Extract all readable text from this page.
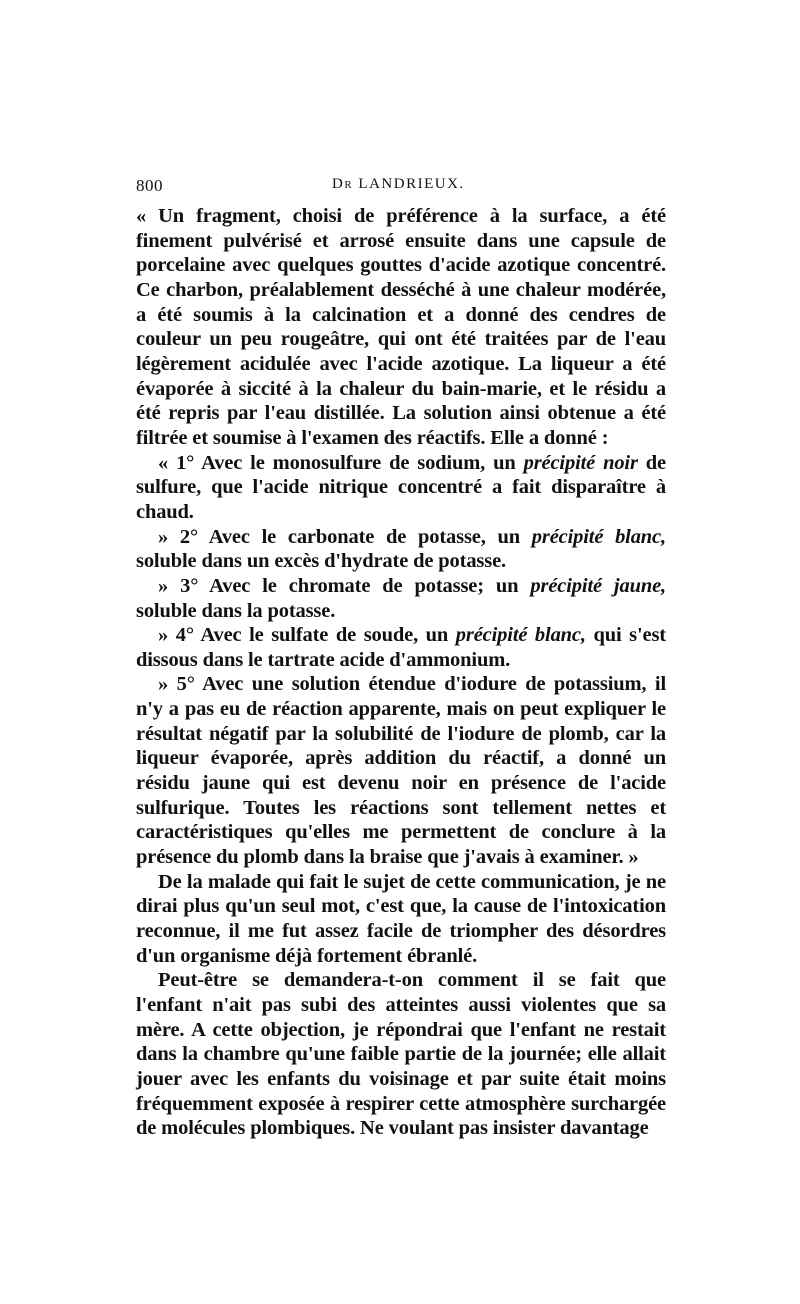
800	Dr LANDRIEUX.

« Un fragment, choisi de préférence à la surface, a été finement pulvérisé et arrosé ensuite dans une capsule de porcelaine avec quelques gouttes d'acide azotique concentré. Ce charbon, préalablement desséché à une chaleur modérée, a été soumis à la calcination et a donné des cendres de couleur un peu rougeâtre, qui ont été traitées par de l'eau légèrement acidulée avec l'acide azotique. La liqueur a été évaporée à siccité à la chaleur du bain-marie, et le résidu a été repris par l'eau distillée. La solution ainsi obtenue a été filtrée et soumise à l'examen des réactifs. Elle a donné :

« 1° Avec le monosulfure de sodium, un précipité noir de sulfure, que l'acide nitrique concentré a fait disparaître à chaud.

» 2° Avec le carbonate de potasse, un précipité blanc, soluble dans un excès d'hydrate de potasse.

» 3° Avec le chromate de potasse; un précipité jaune, soluble dans la potasse.

» 4° Avec le sulfate de soude, un précipité blanc, qui s'est dissous dans le tartrate acide d'ammonium.

» 5° Avec une solution étendue d'iodure de potassium, il n'y a pas eu de réaction apparente, mais on peut expliquer le résultat négatif par la solubilité de l'iodure de plomb, car la liqueur évaporée, après addition du réactif, a donné un résidu jaune qui est devenu noir en présence de l'acide sulfurique. Toutes les réactions sont tellement nettes et caractéristiques qu'elles me permettent de conclure à la présence du plomb dans la braise que j'avais à examiner. »

De la malade qui fait le sujet de cette communication, je ne dirai plus qu'un seul mot, c'est que, la cause de l'intoxication reconnue, il me fut assez facile de triompher des désordres d'un organisme déjà fortement ébranlé.

Peut-être se demandera-t-on comment il se fait que l'enfant n'ait pas subi des atteintes aussi violentes que sa mère. A cette objection, je répondrai que l'enfant ne restait dans la chambre qu'une faible partie de la journée; elle allait jouer avec les enfants du voisinage et par suite était moins fréquemment exposée à respirer cette atmosphère surchargée de molécules plombiques. Ne voulant pas insister davantage
